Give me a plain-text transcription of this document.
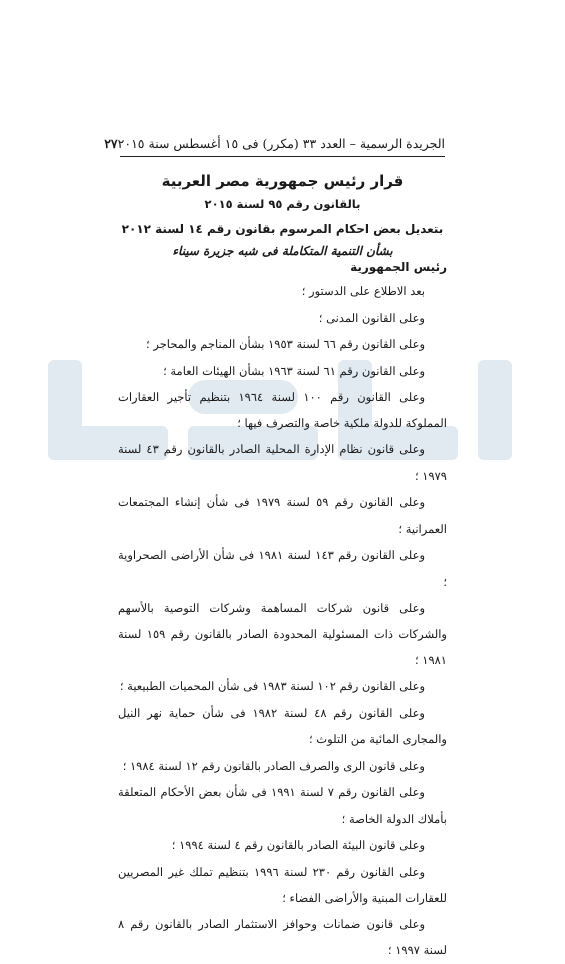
الجريدة الرسمية – العدد ٣٣ (مكرر) فى ١٥ أغسطس سنة ٢٠١٥
٢٧
قرار رئيس جمهورية مصر العربية
بالقانون رقم ٩٥ لسنة ٢٠١٥
بتعديل بعض احكام المرسوم بقانون رقم ١٤ لسنة ٢٠١٢
بشأن التنمية المتكاملة فى شبه جزيرة سيناء
رئيس الجمهورية
بعد الاطلاع على الدستور ؛
وعلى القانون المدنى ؛
وعلى القانون رقم ٦٦ لسنة ١٩٥٣ بشأن المناجم والمحاجر ؛
وعلى القانون رقم ٦١ لسنة ١٩٦٣ بشأن الهيئات العامة ؛
وعلى القانون رقم ١٠٠ لسنة ١٩٦٤ بتنظيم تأجير العقارات المملوكة للدولة ملكية خاصة والتصرف فيها ؛
وعلى قانون نظام الإدارة المحلية الصادر بالقانون رقم ٤٣ لسنة ١٩٧٩ ؛
وعلى القانون رقم ٥٩ لسنة ١٩٧٩ فى شأن إنشاء المجتمعات العمرانية ؛
وعلى القانون رقم ١٤٣ لسنة ١٩٨١ فى شأن الأراضى الصحراوية ؛
وعلى قانون شركات المساهمة وشركات التوصية بالأسهم والشركات ذات المسئولية المحدودة الصادر بالقانون رقم ١٥٩ لسنة ١٩٨١ ؛
وعلى القانون رقم ١٠٢ لسنة ١٩٨٣ فى شأن المحميات الطبيعية ؛
وعلى القانون رقم ٤٨ لسنة ١٩٨٢ فى شأن حماية نهر النيل والمجارى المائية من التلوث ؛
وعلى قانون الرى والصرف الصادر بالقانون رقم ١٢ لسنة ١٩٨٤ ؛
وعلى القانون رقم ٧ لسنة ١٩٩١ فى شأن بعض الأحكام المتعلقة بأملاك الدولة الخاصة ؛
وعلى قانون البيئة الصادر بالقانون رقم ٤ لسنة ١٩٩٤ ؛
وعلى القانون رقم ٢٣٠ لسنة ١٩٩٦ بتنظيم تملك غير المصريين للعقارات المبنية والأراضى الفضاء ؛
وعلى قانون ضمانات وحوافز الاستثمار الصادر بالقانون رقم ٨ لسنة ١٩٩٧ ؛
